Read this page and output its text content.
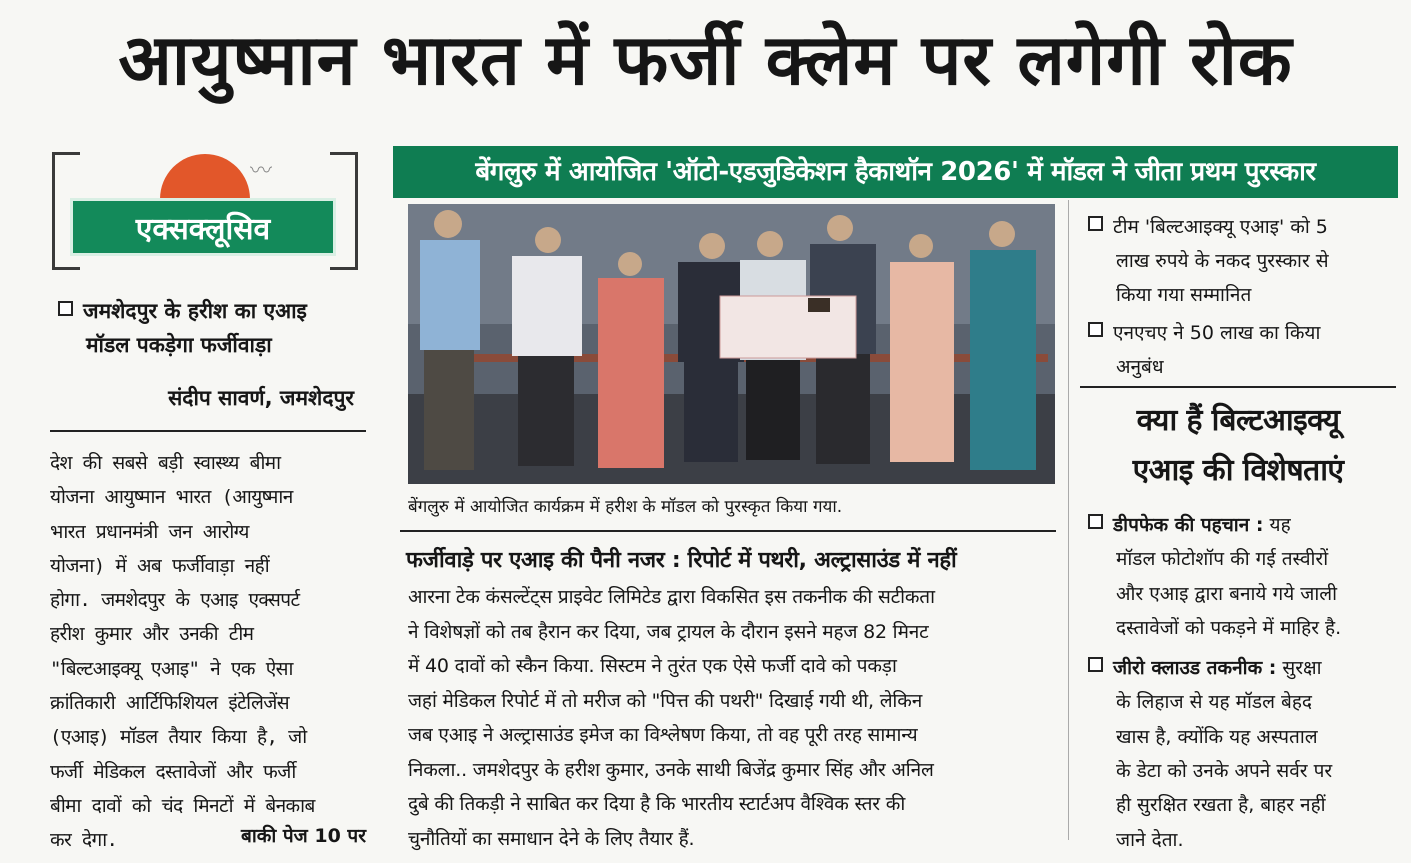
आयुष्मान भारत में फर्जी क्लेम पर लगेगी रोक
〰
एक्सक्लूसिव
जमशेदपुर के हरीश का एआइ
मॉडल पकड़ेगा फर्जीवाड़ा
संदीप सावर्ण, जमशेदपुर
देश की सबसे बड़ी स्वास्थ्य बीमा
योजना आयुष्मान भारत (आयुष्मान
भारत प्रधानमंत्री जन आरोग्य
योजना) में अब फर्जीवाड़ा नहीं
होगा. जमशेदपुर के एआइ एक्सपर्ट
हरीश कुमार और उनकी टीम
"बिल्टआइक्यू एआइ" ने एक ऐसा
क्रांतिकारी आर्टिफिशियल इंटेलिजेंस
(एआइ) मॉडल तैयार किया है, जो
फर्जी मेडिकल दस्तावेजों और फर्जी
बीमा दावों को चंद मिनटों में बेनकाब
कर देगा.	बाकी पेज 10 पर
बेंगलुरु में आयोजित 'ऑटो-एडजुडिकेशन हैकाथॉन 2026' में मॉडल ने जीता प्रथम पुरस्कार
बेंगलुरु में आयोजित कार्यक्रम में हरीश के मॉडल को पुरस्कृत किया गया.
फर्जीवाड़े पर एआइ की पैनी नजर : रिपोर्ट में पथरी, अल्ट्रासाउंड में नहीं
आरना टेक कंसल्टेंट्स प्राइवेट लिमिटेड द्वारा विकसित इस तकनीक की सटीकता
ने विशेषज्ञों को तब हैरान कर दिया, जब ट्रायल के दौरान इसने महज 82 मिनट
में 40 दावों को स्कैन किया. सिस्टम ने तुरंत एक ऐसे फर्जी दावे को पकड़ा
जहां मेडिकल रिपोर्ट में तो मरीज को "पित्त की पथरी" दिखाई गयी थी, लेकिन
जब एआइ ने अल्ट्रासाउंड इमेज का विश्लेषण किया, तो वह पूरी तरह सामान्य
निकला.. जमशेदपुर के हरीश कुमार, उनके साथी बिजेंद्र कुमार सिंह और अनिल
दुबे की तिकड़ी ने साबित कर दिया है कि भारतीय स्टार्टअप वैश्विक स्तर की
चुनौतियों का समाधान देने के लिए तैयार हैं.
टीम 'बिल्टआइक्यू एआइ' को 5
लाख रुपये के नकद पुरस्कार से
किया गया सम्मानित
एनएचए ने 50 लाख का किया
अनुबंध
क्या हैं बिल्टआइक्यू
एआइ की विशेषताएं
डीपफेक की पहचान : यह
मॉडल फोटोशॉप की गई तस्वीरों
और एआइ द्वारा बनाये गये जाली
दस्तावेजों को पकड़ने में माहिर है.
जीरो क्लाउड तकनीक : सुरक्षा
के लिहाज से यह मॉडल बेहद
खास है, क्योंकि यह अस्पताल
के डेटा को उनके अपने सर्वर पर
ही सुरक्षित रखता है, बाहर नहीं
जाने देता.
